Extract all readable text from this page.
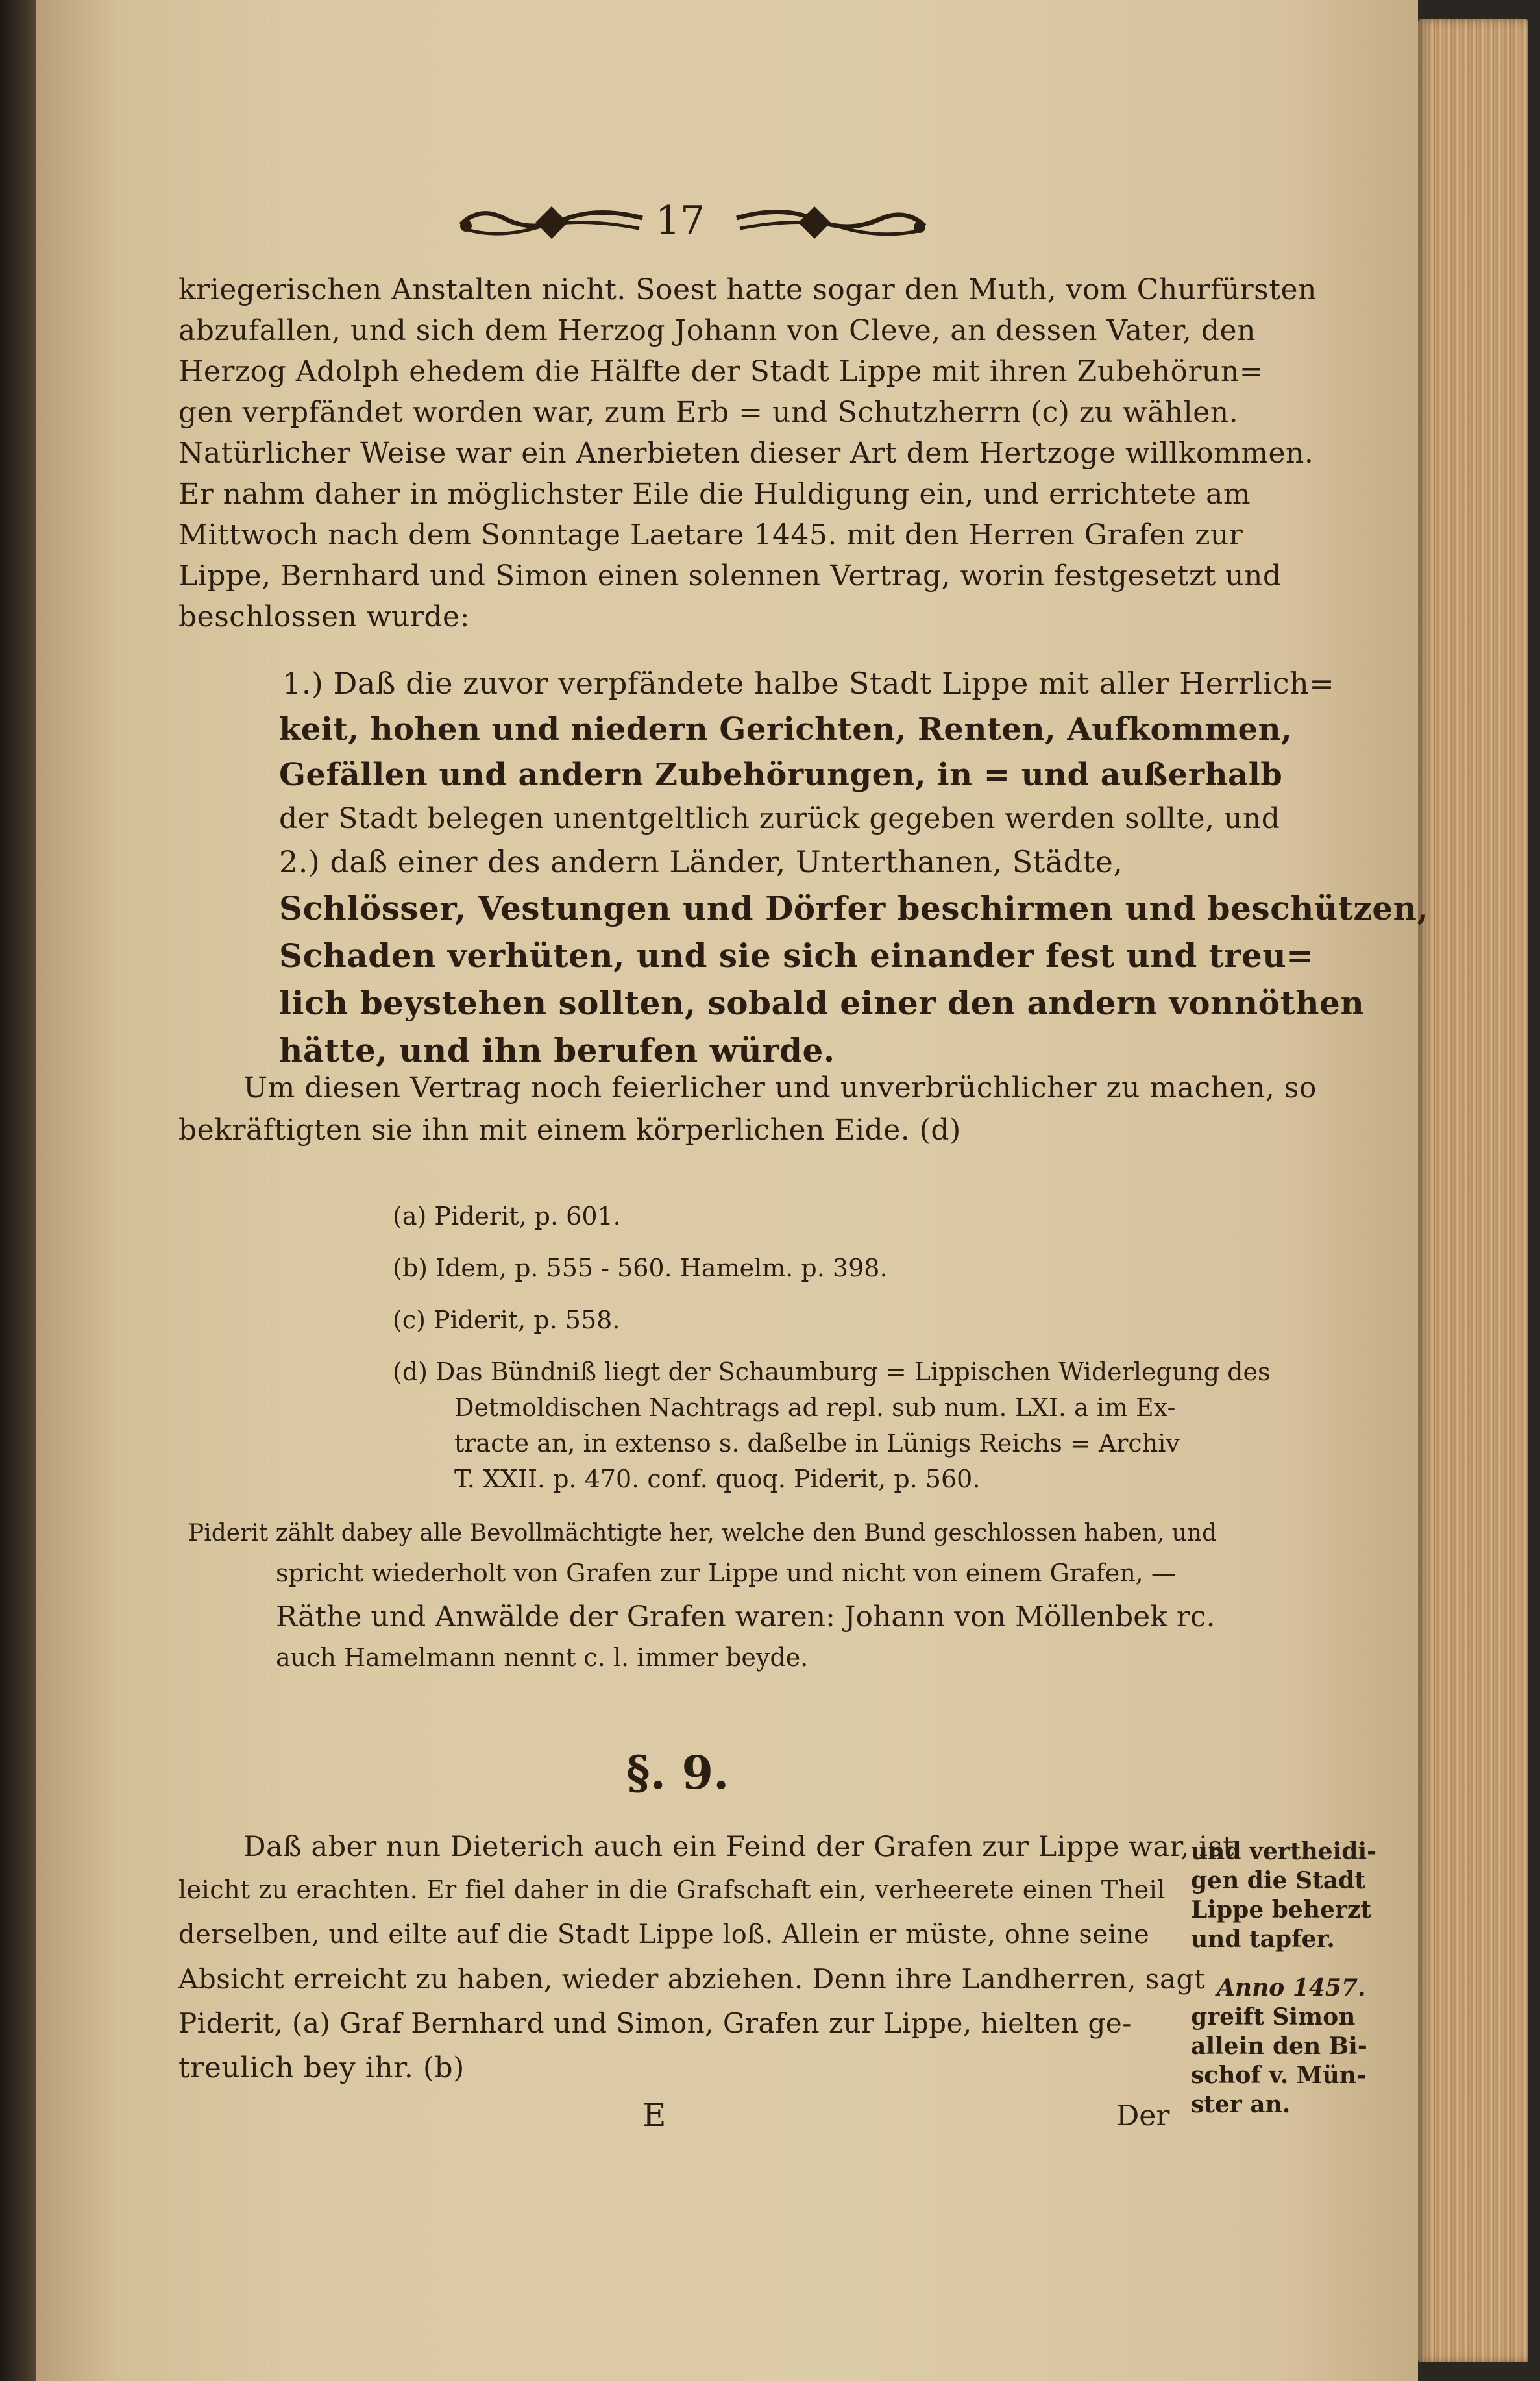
17
kriegerischen Anstalten nicht. Soest hatte sogar den Muth, vom Churfürsten
abzufallen, und sich dem Herzog Johann von Cleve, an dessen Vater, den
Herzog Adolph ehedem die Hälfte der Stadt Lippe mit ihren Zubehörun=
gen verpfändet worden war, zum Erb = und Schutzherrn (c) zu wählen.
Natürlicher Weise war ein Anerbieten dieser Art dem Hertzoge willkommen.
Er nahm daher in möglichster Eile die Huldigung ein, und errichtete am
Mittwoch nach dem Sonntage Laetare 1445. mit den Herren Grafen zur
Lippe, Bernhard und Simon einen solennen Vertrag, worin festgesetzt und
beschlossen wurde:
1.) Daß die zuvor verpfändete halbe Stadt Lippe mit aller Herrlich=
keit, hohen und niedern Gerichten, Renten, Aufkommen,
Gefällen und andern Zubehörungen, in = und außerhalb
der Stadt belegen unentgeltlich zurück gegeben werden sollte, und
2.) daß einer des andern Länder, Unterthanen, Städte,
Schlösser, Vestungen und Dörfer beschirmen und beschützen,
Schaden verhüten, und sie sich einander fest und treu=
lich beystehen sollten, sobald einer den andern vonnöthen
hätte, und ihn berufen würde.
Um diesen Vertrag noch feierlicher und unverbrüchlicher zu machen, so
bekräftigten sie ihn mit einem körperlichen Eide. (d)
(a) Piderit, p. 601.
(b) Idem, p. 555 - 560. Hamelm. p. 398.
(c) Piderit, p. 558.
(d) Das Bündniß liegt der Schaumburg = Lippischen Widerlegung des
Detmoldischen Nachtrags ad repl. sub num. LXI. a im Ex-
tracte an, in extenso s. daßelbe in Lünigs Reichs = Archiv
T. XXII. p. 470. conf. quoq. Piderit, p. 560.
Piderit zählt dabey alle Bevollmächtigte her, welche den Bund geschlossen haben, und
spricht wiederholt von Grafen zur Lippe und nicht von einem Grafen, —
Räthe und Anwälde der Grafen waren: Johann von Möllenbek rc.
auch Hamelmann nennt c. l. immer beyde.
§. 9.
Daß aber nun Dieterich auch ein Feind der Grafen zur Lippe war, ist
leicht zu erachten. Er fiel daher in die Grafschaft ein, verheerete einen Theil
derselben, und eilte auf die Stadt Lippe loß. Allein er müste, ohne seine
Absicht erreicht zu haben, wieder abziehen. Denn ihre Landherren, sagt
Piderit, (a) Graf Bernhard und Simon, Grafen zur Lippe, hielten ge-
treulich bey ihr. (b)
und vertheidi-
gen die Stadt
Lippe beherzt
und tapfer.
Anno 1457.
greift Simon
allein den Bi-
schof v. Mün-
ster an.
E	Der
